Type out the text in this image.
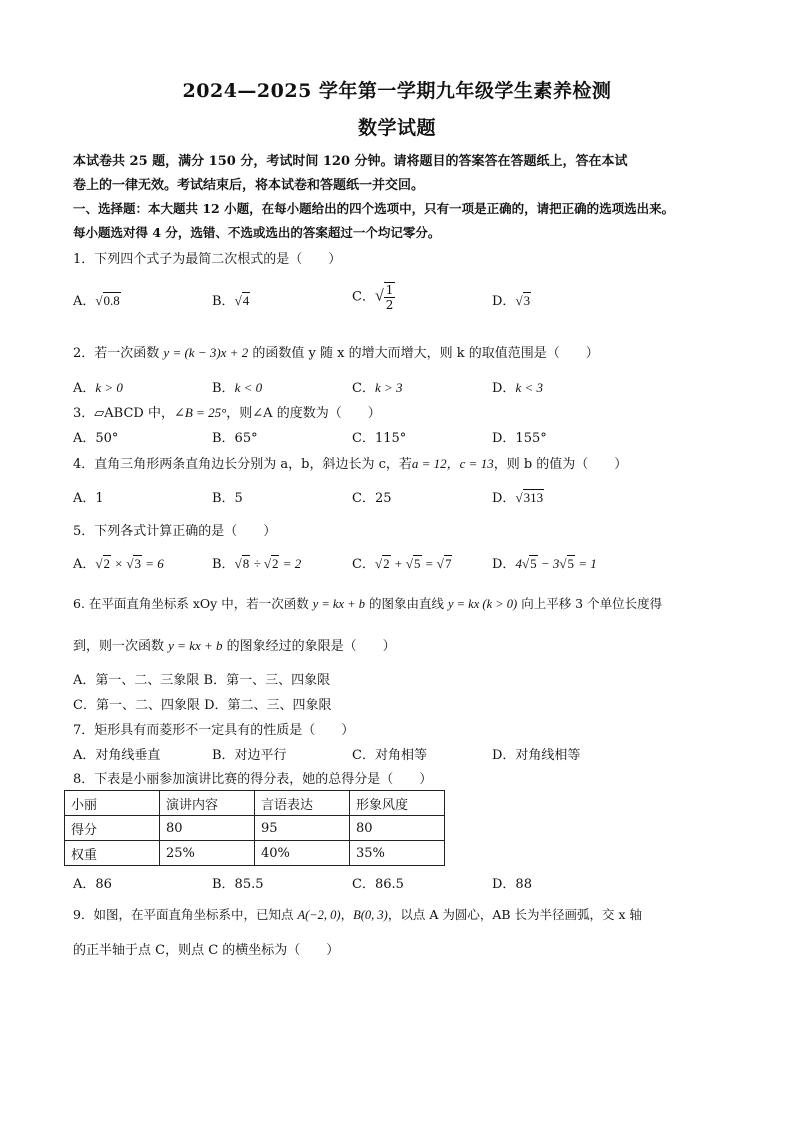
2024—2025 学年第一学期九年级学生素养检测
数学试题
本试卷共 25 题，满分 150 分，考试时间 120 分钟。请将题目的答案答在答题纸上，答在本试
卷上的一律无效。考试结束后，将本试卷和答题纸一并交回。
一、选择题：本大题共 12 小题，在每小题给出的四个选项中，只有一项是正确的，请把正确的选项选出来。
每小题选对得 4 分，选错、不选或选出的答案超过一个均记零分。
1．下列四个式子为最简二次根式的是（　　）
A．√0.8	B．√4	C．√ $\frac{1}{2}$	D．√3
2．若一次函数 y = (k − 3)x + 2 的函数值 y 随 x 的增大而增大，则 k 的取值范围是（　　）
A．k > 0	B．k < 0	C．k > 3	D．k < 3
3．▱ABCD 中，∠B = 25°，则∠A 的度数为（　　）
A．50°	B．65°	C．115°	D．155°
4．直角三角形两条直角边长分别为 a，b，斜边长为 c，若a = 12，c = 13，则 b 的值为（　　）
A．1	B．5	C．25	D．√313
5．下列各式计算正确的是（　　）
A．√2 × √3 = 6	B．√8 ÷ √2 = 2	C．√2 + √5 = √7	D．4√5 − 3√5 = 1
6. 在平面直角坐标系 xOy 中，若一次函数 y = kx + b 的图象由直线 y = kx (k > 0) 向上平移 3 个单位长度得
到，则一次函数 y = kx + b 的图象经过的象限是（　　）
A．第一、二、三象限 B．第一、三、四象限
C．第一、二、四象限 D．第二、三、四象限
7．矩形具有而菱形不一定具有的性质是（　　）
A．对角线垂直	B．对边平行	C．对角相等	D．对角线相等
8．下表是小丽参加演讲比赛的得分表，她的总得分是（　　）
小丽	演讲内容	言语表达	形象风度
得分	80	95	80
权重	25%	40%	35%
A．86	B．85.5	C．86.5	D．88
9．如图，在平面直角坐标系中，已知点 A(−2, 0)，B(0, 3)，以点 A 为圆心，AB 长为半径画弧，交 x 轴
的正半轴于点 C，则点 C 的横坐标为（　　）
